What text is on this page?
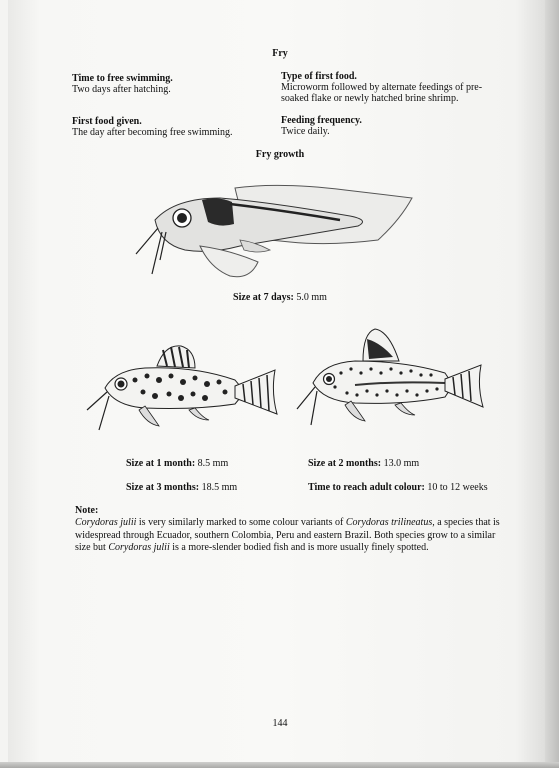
Fry
Time to free swimming.
Two days after hatching.
First food given.
The day after becoming free swimming.
Type of first food.
Microworm followed by alternate feedings of pre-
soaked flake or newly hatched brine shrimp.
Feeding frequency.
Twice daily.
Fry growth
Size at 7 days: 5.0 mm
Size at 1 month: 8.5 mm	Size at 2 months: 13.0 mm
Size at 3 months: 18.5 mm	Time to reach adult colour: 10 to 12 weeks
Note:
Corydoras julii is very similarly marked to some colour variants of Corydoras trilineatus, a species that is widespread through Ecuador, southern Colombia, Peru and eastern Brazil. Both species grow to a similar size but Corydoras julii is a more-slender bodied fish and is more usually finely spotted.
144
